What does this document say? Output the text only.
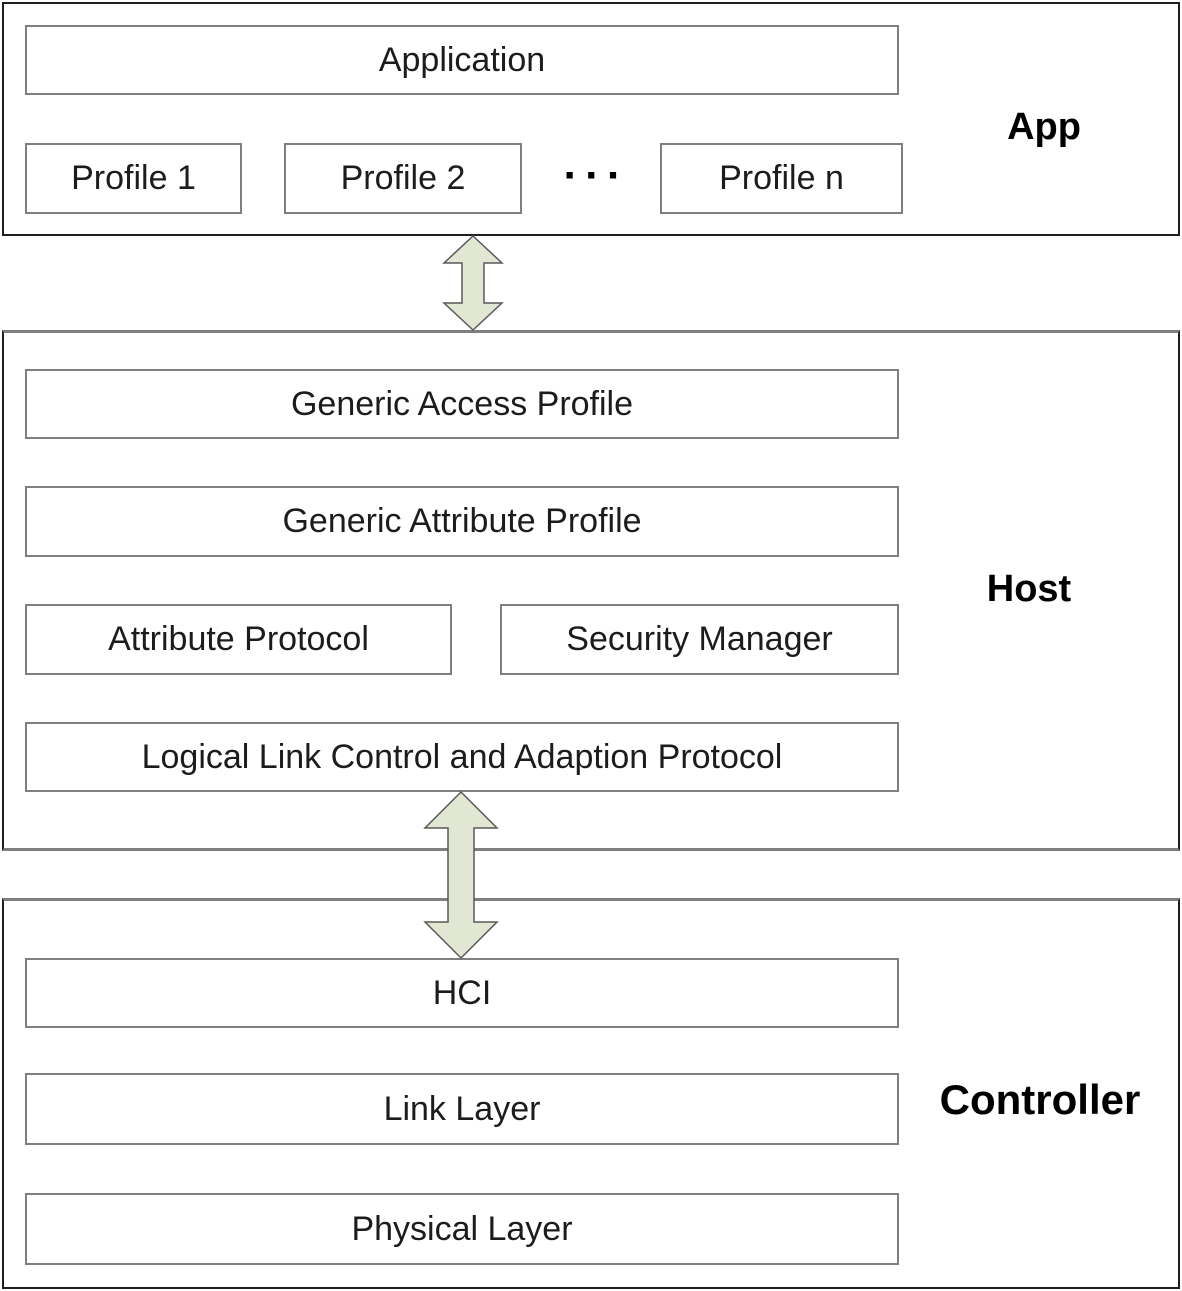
Application
Profile 1	Profile 2	···	Profile n
App
Generic Access Profile
Generic Attribute Profile
Attribute Protocol	Security Manager
Logical Link Control and Adaption Protocol
Host
HCI
Link Layer
Physical Layer
Controller
